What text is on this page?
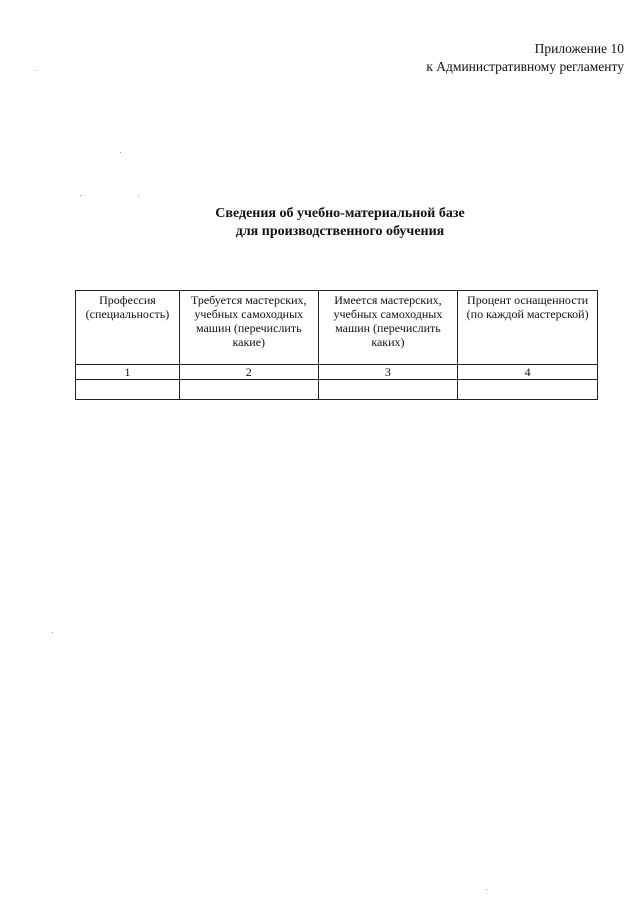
Приложение 10
к Административному регламенту
Сведения об учебно-материальной базе
для производственного обучения
Профессия (специальность)	Требуется мастерских, учебных самоходных машин (перечислить какие)	Имеется мастерских, учебных самоходных машин (перечислить каких)	Процент оснащенности (по каждой мастерской)
1	2	3	4
